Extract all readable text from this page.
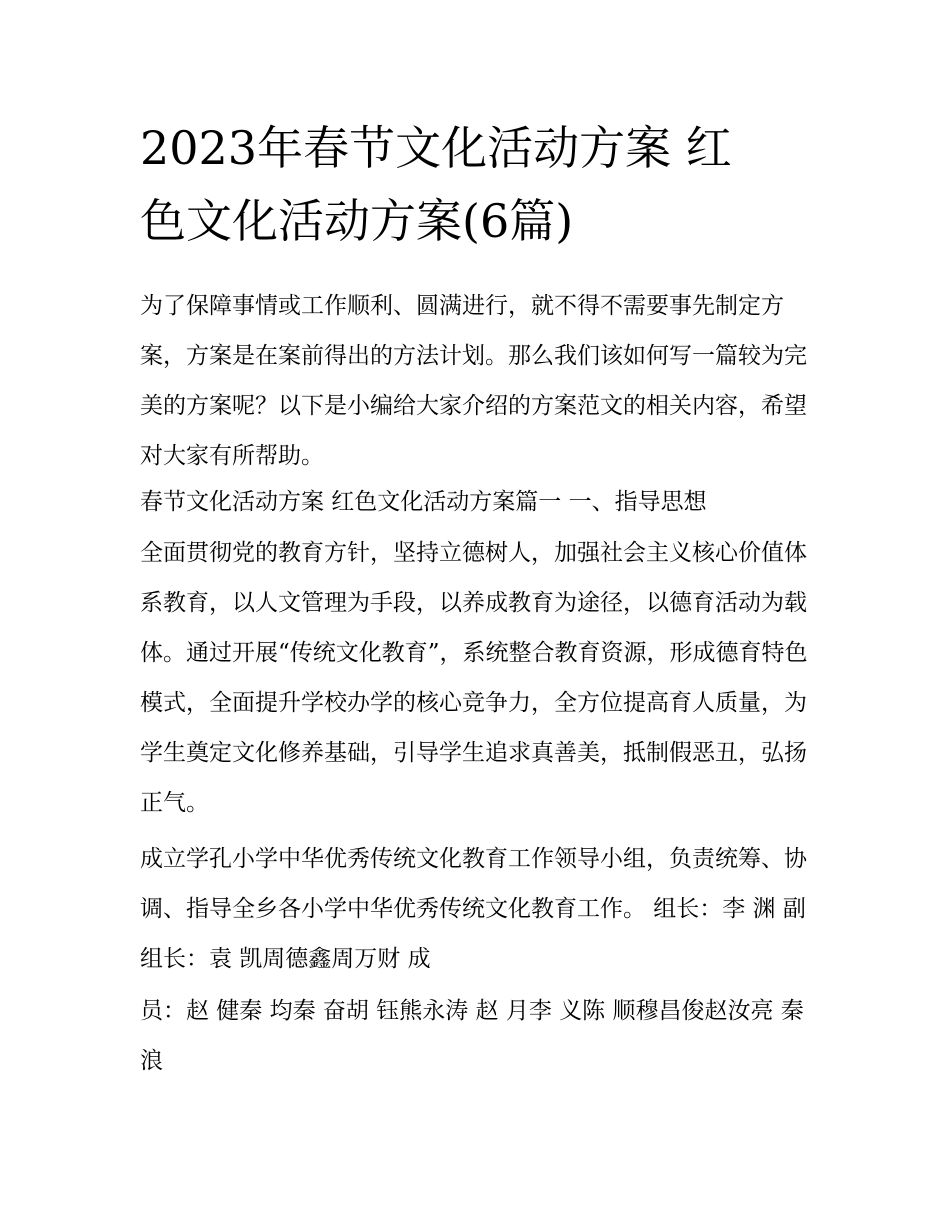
2023年春节文化活动方案 红
色文化活动方案(6篇)

为了保障事情或工作顺利、圆满进行，就不得不需要事先制定方案，方案是在案前得出的方法计划。那么我们该如何写一篇较为完美的方案呢？以下是小编给大家介绍的方案范文的相关内容，希望对大家有所帮助。

春节文化活动方案 红色文化活动方案篇一 一、指导思想

全面贯彻党的教育方针，坚持立德树人，加强社会主义核心价值体系教育，以人文管理为手段，以养成教育为途径，以德育活动为载体。通过开展“传统文化教育”，系统整合教育资源，形成德育特色模式，全面提升学校办学的核心竞争力，全方位提高育人质量，为学生奠定文化修养基础，引导学生追求真善美，抵制假恶丑，弘扬正气。

成立学孔小学中华优秀传统文化教育工作领导小组，负责统筹、协调、指导全乡各小学中华优秀传统文化教育工作。 组长：李 渊 副组长：袁 凯周德鑫周万财 成

员：赵 健秦 均秦 奋胡 钰熊永涛 赵 月李 义陈 顺穆昌俊赵汝亮 秦 浪
